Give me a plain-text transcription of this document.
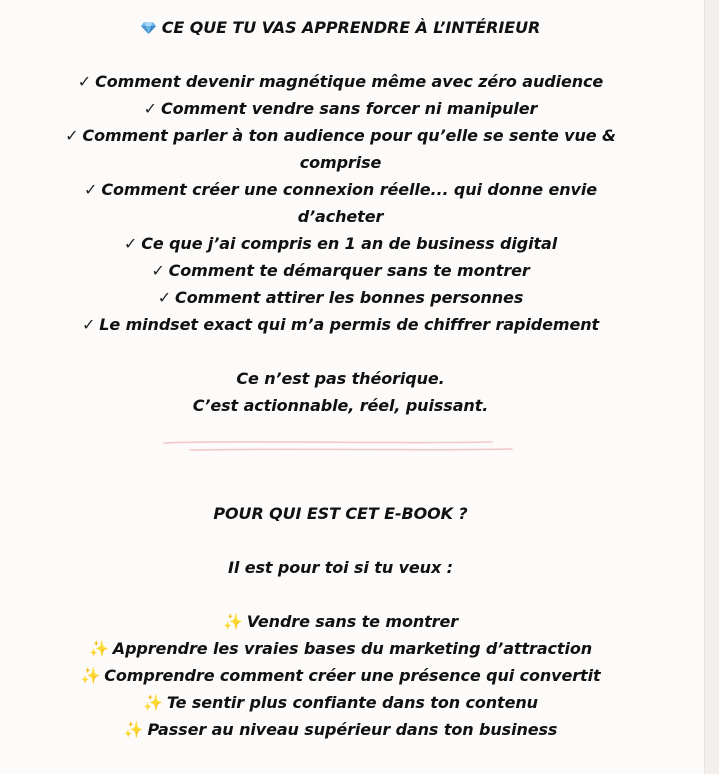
CE QUE TU VAS APPRENDRE À L’INTÉRIEUR

✓ Comment devenir magnétique même avec zéro audience

✓ Comment vendre sans forcer ni manipuler

✓ Comment parler à ton audience pour qu’elle se sente vue & comprise

✓ Comment créer une connexion réelle... qui donne envie d’acheter

✓ Ce que j’ai compris en 1 an de business digital

✓ Comment te démarquer sans te montrer

✓ Comment attirer les bonnes personnes

✓ Le mindset exact qui m’a permis de chiffrer rapidement

Ce n’est pas théorique.

C’est actionnable, réel, puissant.

POUR QUI EST CET E-BOOK ?

Il est pour toi si tu veux :

✨ Vendre sans te montrer

✨ Apprendre les vraies bases du marketing d’attraction

✨ Comprendre comment créer une présence qui convertit

✨ Te sentir plus confiante dans ton contenu

✨ Passer au niveau supérieur dans ton business
